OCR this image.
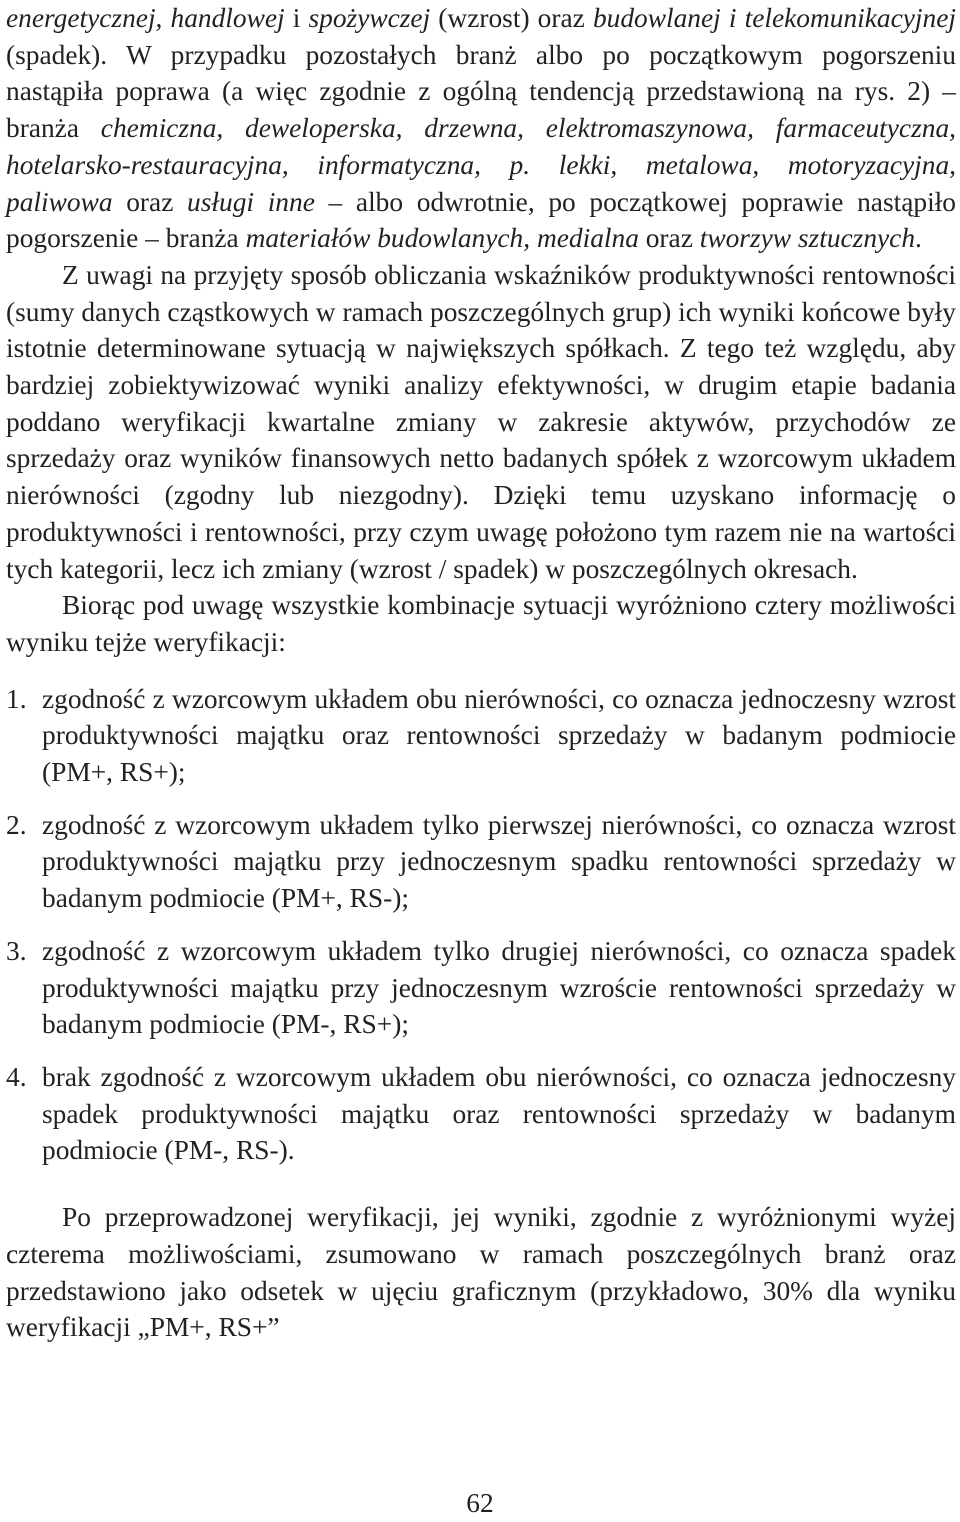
energetycznej, handlowej i spożywczej (wzrost) oraz budowlanej i telekomunikacyjnej (spadek). W przypadku pozostałych branż albo po początkowym pogorszeniu nastąpiła poprawa (a więc zgodnie z ogólną tendencją przedstawioną na rys. 2) – branża chemiczna, deweloperska, drzewna, elektromaszynowa, farmaceutyczna, hotelarsko-restauracyjna, informatyczna, p. lekki, metalowa, motoryzacyjna, paliwowa oraz usługi inne – albo odwrotnie, po początkowej poprawie nastąpiło pogorszenie – branża materiałów budowlanych, medialna oraz tworzyw sztucznych.

Z uwagi na przyjęty sposób obliczania wskaźników produktywności rentowności (sumy danych cząstkowych w ramach poszczególnych grup) ich wyniki końcowe były istotnie determinowane sytuacją w największych spółkach. Z tego też względu, aby bardziej zobiektywizować wyniki analizy efektywności, w drugim etapie badania poddano weryfikacji kwartalne zmiany w zakresie aktywów, przychodów ze sprzedaży oraz wyników finansowych netto badanych spółek z wzorcowym układem nierówności (zgodny lub niezgodny). Dzięki temu uzyskano informację o produktywności i rentowności, przy czym uwagę położono tym razem nie na wartości tych kategorii, lecz ich zmiany (wzrost / spadek) w poszczególnych okresach.

Biorąc pod uwagę wszystkie kombinacje sytuacji wyróżniono cztery możliwości wyniku tejże weryfikacji:

1. zgodność z wzorcowym układem obu nierówności, co oznacza jednoczesny wzrost produktywności majątku oraz rentowności sprzedaży w badanym podmiocie (PM+, RS+);
2. zgodność z wzorcowym układem tylko pierwszej nierówności, co oznacza wzrost produktywności majątku przy jednoczesnym spadku rentowności sprzedaży w badanym podmiocie (PM+, RS-);
3. zgodność z wzorcowym układem tylko drugiej nierówności, co oznacza spadek produktywności majątku przy jednoczesnym wzroście rentowności sprzedaży w badanym podmiocie (PM-, RS+);
4. brak zgodność z wzorcowym układem obu nierówności, co oznacza jednoczesny spadek produktywności majątku oraz rentowności sprzedaży w badanym podmiocie (PM-, RS-).

Po przeprowadzonej weryfikacji, jej wyniki, zgodnie z wyróżnionymi wyżej czterema możliwościami, zsumowano w ramach poszczególnych branż oraz przedstawiono jako odsetek w ujęciu graficznym (przykładowo, 30% dla wyniku weryfikacji „PM+, RS+”

62
